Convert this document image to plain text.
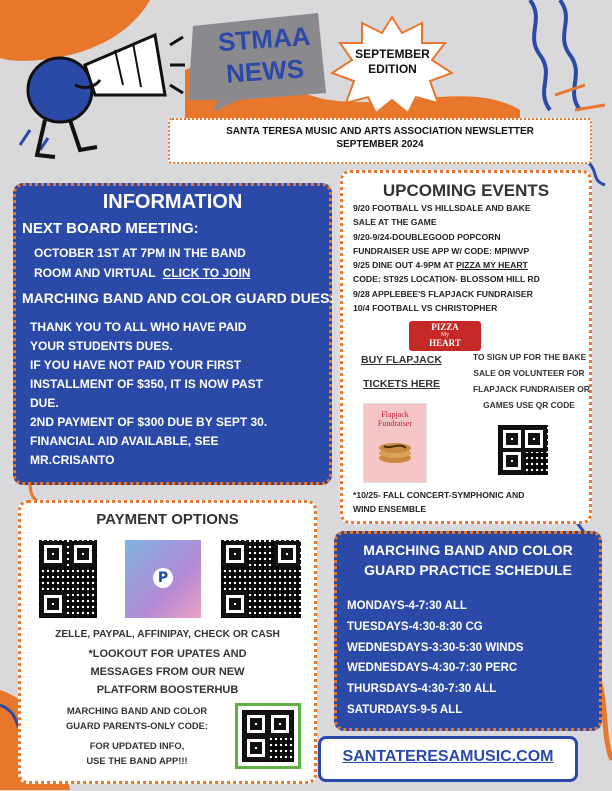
STMAA
NEWS	SEPTEMBER
EDITION
SANTA TERESA MUSIC AND ARTS ASSOCIATION NEWSLETTER
SEPTEMBER 2024
INFORMATION
NEXT BOARD MEETING:
OCTOBER 1ST AT 7PM IN THE BAND
ROOM AND VIRTUAL CLICK TO JOIN
MARCHING BAND AND COLOR GUARD DUES:
THANK YOU TO ALL WHO HAVE PAID
YOUR STUDENTS DUES.
IF YOU HAVE NOT PAID YOUR FIRST
INSTALLMENT OF $350, IT IS NOW PAST
DUE.
2ND PAYMENT OF $300 DUE BY SEPT 30.
FINANCIAL AID AVAILABLE, SEE
MR.CRISANTO
UPCOMING EVENTS
9/20 FOOTBALL VS HILLSDALE AND BAKE
SALE AT THE GAME
9/20-9/24-DOUBLEGOOD POPCORN
FUNDRAISER USE APP W/ CODE: MPIWVP
9/25 DINE OUT 4-9PM AT PIZZA MY HEART
CODE: ST925 LOCATION- BLOSSOM HILL RD
9/28 APPLEBEE'S FLAPJACK FUNDRAISER
10/4 FOOTBALL VS CHRISTOPHER
PIZZA
My
HEART
BUY FLAPJACK
TICKETS HERE
Flapjack Fundraiser
TO SIGN UP FOR THE BAKE
SALE OR VOLUNTEER FOR
FLAPJACK FUNDRAISER OR
GAMES USE QR CODE
*10/25- FALL CONCERT-SYMPHONIC AND
WIND ENSEMBLE
PAYMENT OPTIONS
P
ZELLE, PAYPAL, AFFINIPAY, CHECK OR CASH
*LOOKOUT FOR UPATES AND
MESSAGES FROM OUR NEW
PLATFORM BOOSTERHUB
MARCHING BAND AND COLOR
GUARD PARENTS-ONLY CODE:
FOR UPDATED INFO,
USE THE BAND APP!!!
MARCHING BAND AND COLOR
GUARD PRACTICE SCHEDULE
MONDAYS-4-7:30 ALL
TUESDAYS-4:30-8:30 CG
WEDNESDAYS-3:30-5:30 WINDS
WEDNESDAYS-4:30-7:30 PERC
THURSDAYS-4:30-7:30 ALL
SATURDAYS-9-5 ALL
SANTATERESAMUSIC.COM
